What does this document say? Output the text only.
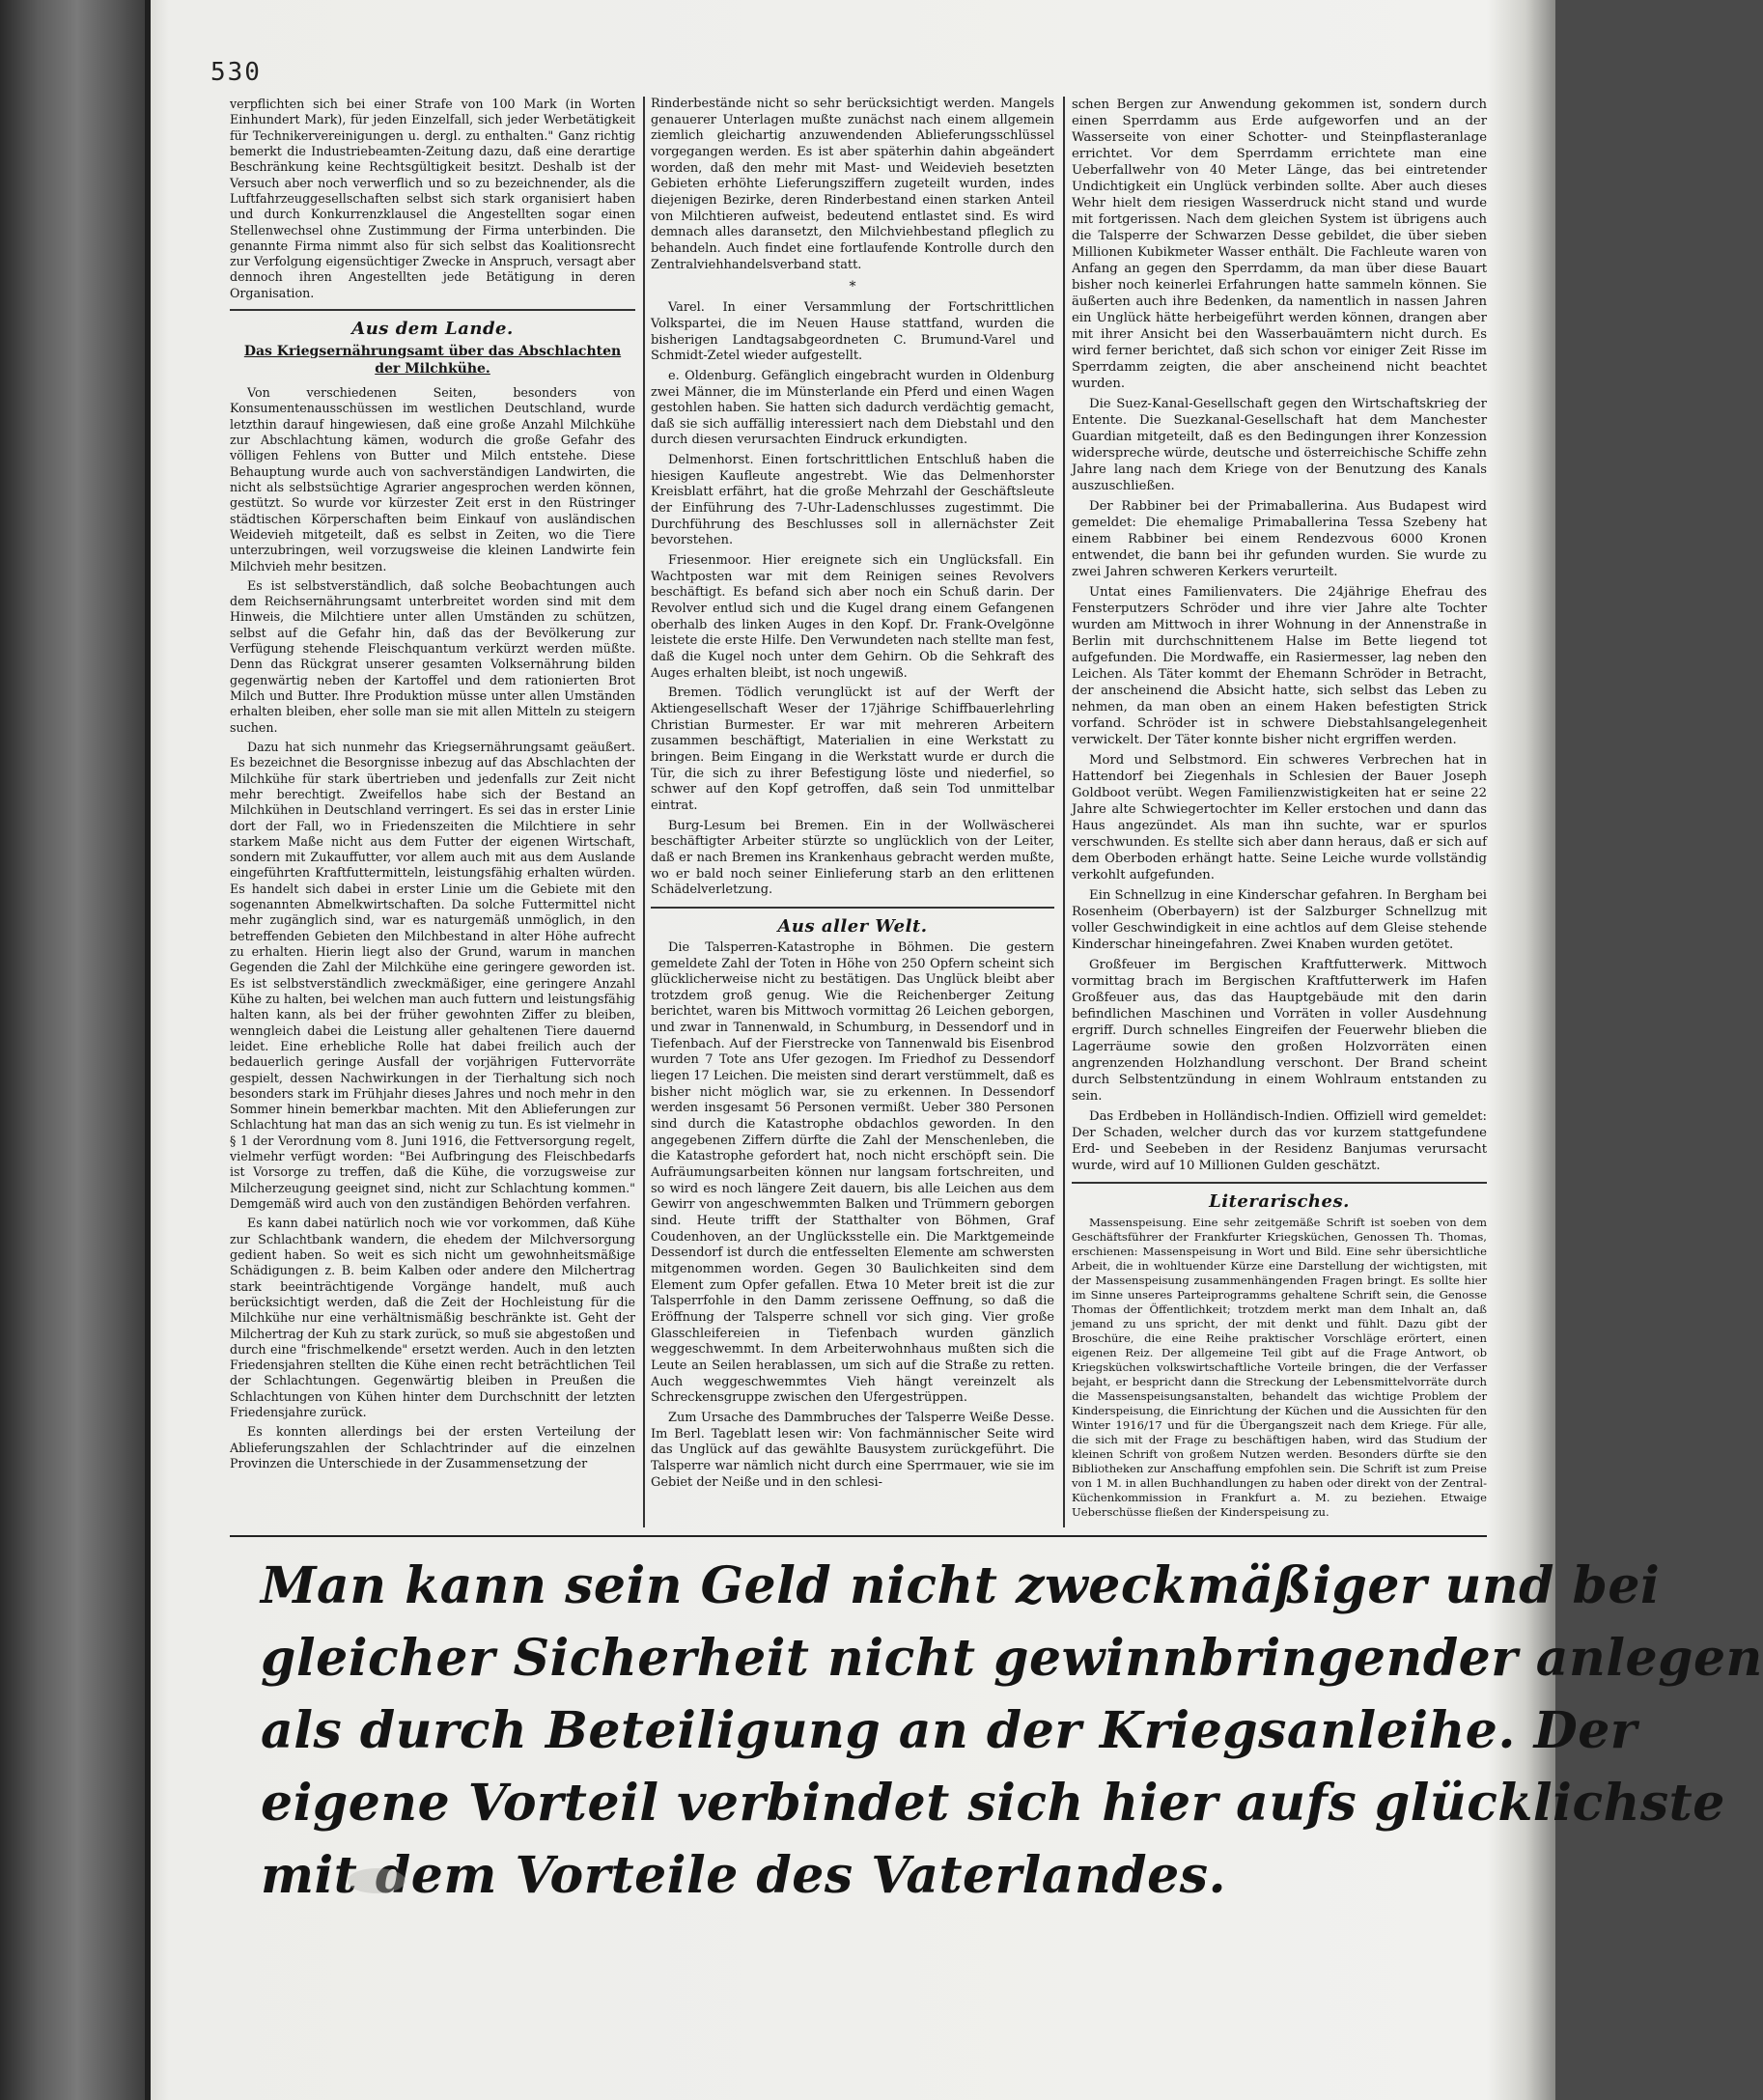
530

verpflichten sich bei einer Strafe von 100 Mark (in Worten Einhundert Mark), für jeden Einzelfall, sich jeder Werbetätigkeit für Technikervereinigungen u. dergl. zu enthalten." Ganz richtig bemerkt die Industriebeamten-Zeitung dazu, daß eine derartige Beschränkung keine Rechtsgültigkeit besitzt. Deshalb ist der Versuch aber noch verwerflich und so zu bezeichnender, als die Luftfahrzeuggesellschaften selbst sich stark organisiert haben und durch Konkurrenzklausel die Angestellten sogar einen Stellenwechsel ohne Zustimmung der Firma unterbinden. Die genannte Firma nimmt also für sich selbst das Koalitionsrecht zur Verfolgung eigensüchtiger Zwecke in Anspruch, versagt aber dennoch ihren Angestellten jede Betätigung in deren Organisation.

Aus dem Lande.
Das Kriegsernährungsamt über das Abschlachten der Milchkühe.

Von verschiedenen Seiten, besonders von Konsumentenausschüssen im westlichen Deutschland, wurde letzthin darauf hingewiesen, daß eine große Anzahl Milchkühe zur Abschlachtung kämen, wodurch die große Gefahr des völligen Fehlens von Butter und Milch entstehe. Diese Behauptung wurde auch von sachverständigen Landwirten, die nicht als selbstsüchtige Agrarier angesprochen werden können, gestützt. So wurde vor kürzester Zeit erst in den Rüstringer städtischen Körperschaften beim Einkauf von ausländischen Weidevieh mitgeteilt, daß es selbst in Zeiten, wo die Tiere unterzubringen, weil vorzugsweise die kleinen Landwirte fein Milchvieh mehr besitzen.

Es ist selbstverständlich, daß solche Beobachtungen auch dem Reichsernährungsamt unterbreitet worden sind mit dem Hinweis, die Milchtiere unter allen Umständen zu schützen, selbst auf die Gefahr hin, daß das der Bevölkerung zur Verfügung stehende Fleischquantum verkürzt werden müßte. Denn das Rückgrat unserer gesamten Volksernährung bilden gegenwärtig neben der Kartoffel und dem rationierten Brot Milch und Butter. Ihre Produktion müsse unter allen Umständen erhalten bleiben, eher solle man sie mit allen Mitteln zu steigern suchen.

Dazu hat sich nunmehr das Kriegsernährungsamt geäußert. Es bezeichnet die Besorgnisse inbezug auf das Abschlachten der Milchkühe für stark übertrieben und jedenfalls zur Zeit nicht mehr berechtigt. Zweifellos habe sich der Bestand an Milchkühen in Deutschland verringert. Es sei das in erster Linie dort der Fall, wo in Friedenszeiten die Milchtiere in sehr starkem Maße nicht aus dem Futter der eigenen Wirtschaft, sondern mit Zukauffutter, vor allem auch mit aus dem Auslande eingeführten Kraftfuttermitteln, leistungsfähig erhalten würden. Es handelt sich dabei in erster Linie um die Gebiete mit den sogenannten Abmelkwirtschaften. Da solche Futtermittel nicht mehr zugänglich sind, war es naturgemäß unmöglich, in den betreffenden Gebieten den Milchbestand in alter Höhe aufrecht zu erhalten. Hierin liegt also der Grund, warum in manchen Gegenden die Zahl der Milchkühe eine geringere geworden ist. Es ist selbstverständlich zweckmäßiger, eine geringere Anzahl Kühe zu halten, bei welchen man auch futtern und leistungsfähig halten kann, als bei der früher gewohnten Ziffer zu bleiben, wenngleich dabei die Leistung aller gehaltenen Tiere dauernd leidet. Eine erhebliche Rolle hat dabei freilich auch der bedauerlich geringe Ausfall der vorjährigen Futtervorräte gespielt, dessen Nachwirkungen in der Tierhaltung sich noch besonders stark im Frühjahr dieses Jahres und noch mehr in den Sommer hinein bemerkbar machten. Mit den Ablieferungen zur Schlachtung hat man das an sich wenig zu tun. Es ist vielmehr in § 1 der Verordnung vom 8. Juni 1916, die Fettversorgung regelt, vielmehr verfügt worden: "Bei Aufbringung des Fleischbedarfs ist Vorsorge zu treffen, daß die Kühe, die vorzugsweise zur Milcherzeugung geeignet sind, nicht zur Schlachtung kommen." Demgemäß wird auch von den zuständigen Behörden verfahren.

Es kann dabei natürlich noch wie vor vorkommen, daß Kühe zur Schlachtbank wandern, die ehedem der Milchversorgung gedient haben. So weit es sich nicht um gewohnheitsmäßige Schädigungen z. B. beim Kalben oder andere den Milchertrag stark beeinträchtigende Vorgänge handelt, muß auch berücksichtigt werden, daß die Zeit der Hochleistung für die Milchkühe nur eine verhältnismäßig beschränkte ist. Geht der Milchertrag der Kuh zu stark zurück, so muß sie abgestoßen und durch eine "frischmelkende" ersetzt werden. Auch in den letzten Friedensjahren stellten die Kühe einen recht beträchtlichen Teil der Schlachtungen. Gegenwärtig bleiben in Preußen die Schlachtungen von Kühen hinter dem Durchschnitt der letzten Friedensjahre zurück.

Es konnten allerdings bei der ersten Verteilung der Ablieferungszahlen der Schlachtrinder auf die einzelnen Provinzen die Unterschiede in der Zusammensetzung der

Rinderbestände nicht so sehr berücksichtigt werden. Mangels genauerer Unterlagen mußte zunächst nach einem allgemein ziemlich gleichartig anzuwendenden Ablieferungsschlüssel vorgegangen werden. Es ist aber späterhin dahin abgeändert worden, daß den mehr mit Mast- und Weidevieh besetzten Gebieten erhöhte Lieferungsziffern zugeteilt wurden, indes diejenigen Bezirke, deren Rinderbestand einen starken Anteil von Milchtieren aufweist, bedeutend entlastet sind. Es wird demnach alles daransetzt, den Milchviehbestand pfleglich zu behandeln. Auch findet eine fortlaufende Kontrolle durch den Zentralviehhandelsverband statt.

*

Varel. In einer Versammlung der Fortschrittlichen Volkspartei, die im Neuen Hause stattfand, wurden die bisherigen Landtagsabgeordneten C. Brumund-Varel und Schmidt-Zetel wieder aufgestellt.

e. Oldenburg. Gefänglich eingebracht wurden in Oldenburg zwei Männer, die im Münsterlande ein Pferd und einen Wagen gestohlen haben. Sie hatten sich dadurch verdächtig gemacht, daß sie sich auffällig interessiert nach dem Diebstahl und den durch diesen verursachten Eindruck erkundigten.

Delmenhorst. Einen fortschrittlichen Entschluß haben die hiesigen Kaufleute angestrebt. Wie das Delmenhorster Kreisblatt erfährt, hat die große Mehrzahl der Geschäftsleute der Einführung des 7-Uhr-Ladenschlusses zugestimmt. Die Durchführung des Beschlusses soll in allernächster Zeit bevorstehen.

Friesenmoor. Hier ereignete sich ein Unglücksfall. Ein Wachtposten war mit dem Reinigen seines Revolvers beschäftigt. Es befand sich aber noch ein Schuß darin. Der Revolver entlud sich und die Kugel drang einem Gefangenen oberhalb des linken Auges in den Kopf. Dr. Frank-Ovelgönne leistete die erste Hilfe. Den Verwundeten nach stellte man fest, daß die Kugel noch unter dem Gehirn. Ob die Sehkraft des Auges erhalten bleibt, ist noch ungewiß.

Bremen. Tödlich verunglückt ist auf der Werft der Aktiengesellschaft Weser der 17jährige Schiffbauerlehrling Christian Burmester. Er war mit mehreren Arbeitern zusammen beschäftigt, Materialien in eine Werkstatt zu bringen. Beim Eingang in die Werkstatt wurde er durch die Tür, die sich zu ihrer Befestigung löste und niederfiel, so schwer auf den Kopf getroffen, daß sein Tod unmittelbar eintrat.

Burg-Lesum bei Bremen. Ein in der Wollwäscherei beschäftigter Arbeiter stürzte so unglücklich von der Leiter, daß er nach Bremen ins Krankenhaus gebracht werden mußte, wo er bald noch seiner Einlieferung starb an den erlittenen Schädelverletzung.

Aus aller Welt.

Die Talsperren-Katastrophe in Böhmen. Die gestern gemeldete Zahl der Toten in Höhe von 250 Opfern scheint sich glücklicherweise nicht zu bestätigen. Das Unglück bleibt aber trotzdem groß genug. Wie die Reichenberger Zeitung berichtet, waren bis Mittwoch vormittag 26 Leichen geborgen, und zwar in Tannenwald, in Schumburg, in Dessendorf und in Tiefenbach. Auf der Fierstrecke von Tannenwald bis Eisenbrod wurden 7 Tote ans Ufer gezogen. Im Friedhof zu Dessendorf liegen 17 Leichen. Die meisten sind derart verstümmelt, daß es bisher nicht möglich war, sie zu erkennen. In Dessendorf werden insgesamt 56 Personen vermißt. Ueber 380 Personen sind durch die Katastrophe obdachlos geworden. In den angegebenen Ziffern dürfte die Zahl der Menschenleben, die die Katastrophe gefordert hat, noch nicht erschöpft sein. Die Aufräumungsarbeiten können nur langsam fortschreiten, und so wird es noch längere Zeit dauern, bis alle Leichen aus dem Gewirr von angeschwemmten Balken und Trümmern geborgen sind. Heute trifft der Statthalter von Böhmen, Graf Coudenhoven, an der Unglücksstelle ein. Die Marktgemeinde Dessendorf ist durch die entfesselten Elemente am schwersten mitgenommen worden. Gegen 30 Baulichkeiten sind dem Element zum Opfer gefallen. Etwa 10 Meter breit ist die zur Talsperrfohle in den Damm zerissene Oeffnung, so daß die Eröffnung der Talsperre schnell vor sich ging. Vier große Glasschleifereien in Tiefenbach wurden gänzlich weggeschwemmt. In dem Arbeiterwohnhaus mußten sich die Leute an Seilen herablassen, um sich auf die Straße zu retten. Auch weggeschwemmtes Vieh hängt vereinzelt als Schreckensgruppe zwischen den Ufergestrüppen.

Zum Ursache des Dammbruches der Talsperre Weiße Desse. Im Berl. Tageblatt lesen wir: Von fachmännischer Seite wird das Unglück auf das gewählte Bausystem zurückgeführt. Die Talsperre war nämlich nicht durch eine Sperrmauer, wie sie im Gebiet der Neiße und in den schlesi-

schen Bergen zur Anwendung gekommen ist, sondern durch einen Sperrdamm aus Erde aufgeworfen und an der Wasserseite von einer Schotter- und Steinpflasteranlage errichtet. Vor dem Sperrdamm errichtete man eine Ueberfallwehr von 40 Meter Länge, das bei eintretender Undichtigkeit ein Unglück verbinden sollte. Aber auch dieses Wehr hielt dem riesigen Wasserdruck nicht stand und wurde mit fortgerissen. Nach dem gleichen System ist übrigens auch die Talsperre der Schwarzen Desse gebildet, die über sieben Millionen Kubikmeter Wasser enthält. Die Fachleute waren von Anfang an gegen den Sperrdamm, da man über diese Bauart bisher noch keinerlei Erfahrungen hatte sammeln können. Sie äußerten auch ihre Bedenken, da namentlich in nassen Jahren ein Unglück hätte herbeigeführt werden können, drangen aber mit ihrer Ansicht bei den Wasserbauämtern nicht durch. Es wird ferner berichtet, daß sich schon vor einiger Zeit Risse im Sperrdamm zeigten, die aber anscheinend nicht beachtet wurden.

Die Suez-Kanal-Gesellschaft gegen den Wirtschaftskrieg der Entente. Die Suezkanal-Gesellschaft hat dem Manchester Guardian mitgeteilt, daß es den Bedingungen ihrer Konzession widerspreche würde, deutsche und österreichische Schiffe zehn Jahre lang nach dem Kriege von der Benutzung des Kanals auszuschließen.

Der Rabbiner bei der Primaballerina. Aus Budapest wird gemeldet: Die ehemalige Primaballerina Tessa Szebeny hat einem Rabbiner bei einem Rendezvous 6000 Kronen entwendet, die bann bei ihr gefunden wurden. Sie wurde zu zwei Jahren schweren Kerkers verurteilt.

Untat eines Familienvaters. Die 24jährige Ehefrau des Fensterputzers Schröder und ihre vier Jahre alte Tochter wurden am Mittwoch in ihrer Wohnung in der Annenstraße in Berlin mit durchschnittenem Halse im Bette liegend tot aufgefunden. Die Mordwaffe, ein Rasiermesser, lag neben den Leichen. Als Täter kommt der Ehemann Schröder in Betracht, der anscheinend die Absicht hatte, sich selbst das Leben zu nehmen, da man oben an einem Haken befestigten Strick vorfand. Schröder ist in schwere Diebstahlsangelegenheit verwickelt. Der Täter konnte bisher nicht ergriffen werden.

Mord und Selbstmord. Ein schweres Verbrechen hat in Hattendorf bei Ziegenhals in Schlesien der Bauer Joseph Goldboot verübt. Wegen Familienzwistigkeiten hat er seine 22 Jahre alte Schwiegertochter im Keller erstochen und dann das Haus angezündet. Als man ihn suchte, war er spurlos verschwunden. Es stellte sich aber dann heraus, daß er sich auf dem Oberboden erhängt hatte. Seine Leiche wurde vollständig verkohlt aufgefunden.

Ein Schnellzug in eine Kinderschar gefahren. In Bergham bei Rosenheim (Oberbayern) ist der Salzburger Schnellzug mit voller Geschwindigkeit in eine achtlos auf dem Gleise stehende Kinderschar hineingefahren. Zwei Knaben wurden getötet.

Großfeuer im Bergischen Kraftfutterwerk. Mittwoch vormittag brach im Bergischen Kraftfutterwerk im Hafen Großfeuer aus, das das Hauptgebäude mit den darin befindlichen Maschinen und Vorräten in voller Ausdehnung ergriff. Durch schnelles Eingreifen der Feuerwehr blieben die Lagerräume sowie den großen Holzvorräten einen angrenzenden Holzhandlung verschont. Der Brand scheint durch Selbstentzündung in einem Wohlraum entstanden zu sein.

Das Erdbeben in Holländisch-Indien. Offiziell wird gemeldet: Der Schaden, welcher durch das vor kurzem stattgefundene Erd- und Seebeben in der Residenz Banjumas verursacht wurde, wird auf 10 Millionen Gulden geschätzt.

Literarisches.

Massenspeisung. Eine sehr zeitgemäße Schrift ist soeben von dem Geschäftsführer der Frankfurter Kriegsküchen, Genossen Th. Thomas, erschienen: Massenspeisung in Wort und Bild. Eine sehr übersichtliche Arbeit, die in wohltuender Kürze eine Darstellung der wichtigsten, mit der Massenspeisung zusammenhängenden Fragen bringt. Es sollte hier im Sinne unseres Parteiprogramms gehaltene Schrift sein, die Genosse Thomas der Öffentlichkeit; trotzdem merkt man dem Inhalt an, daß jemand zu uns spricht, der mit denkt und fühlt. Dazu gibt der Broschüre, die eine Reihe praktischer Vorschläge erörtert, einen eigenen Reiz. Der allgemeine Teil gibt auf die Frage Antwort, ob Kriegsküchen volkswirtschaftliche Vorteile bringen, die der Verfasser bejaht, er bespricht dann die Streckung der Lebensmittelvorräte durch die Massenspeisungsanstalten, behandelt das wichtige Problem der Kinderspeisung, die Einrichtung der Küchen und die Aussichten für den Winter 1916/17 und für die Übergangszeit nach dem Kriege. Für alle, die sich mit der Frage zu beschäftigen haben, wird das Studium der kleinen Schrift von großem Nutzen werden. Besonders dürfte sie den Bibliotheken zur Anschaffung empfohlen sein. Die Schrift ist zum Preise von 1 M. in allen Buchhandlungen zu haben oder direkt von der Zentral-Küchenkommission in Frankfurt a. M. zu beziehen. Etwaige Ueberschüsse fließen der Kinderspeisung zu.

Man kann sein Geld nicht zweckmäßiger und bei
gleicher Sicherheit nicht gewinnbringender anlegen
als durch Beteiligung an der Kriegsanleihe. Der
eigene Vorteil verbindet sich hier aufs glücklichste
mit dem Vorteile des Vaterlandes.
